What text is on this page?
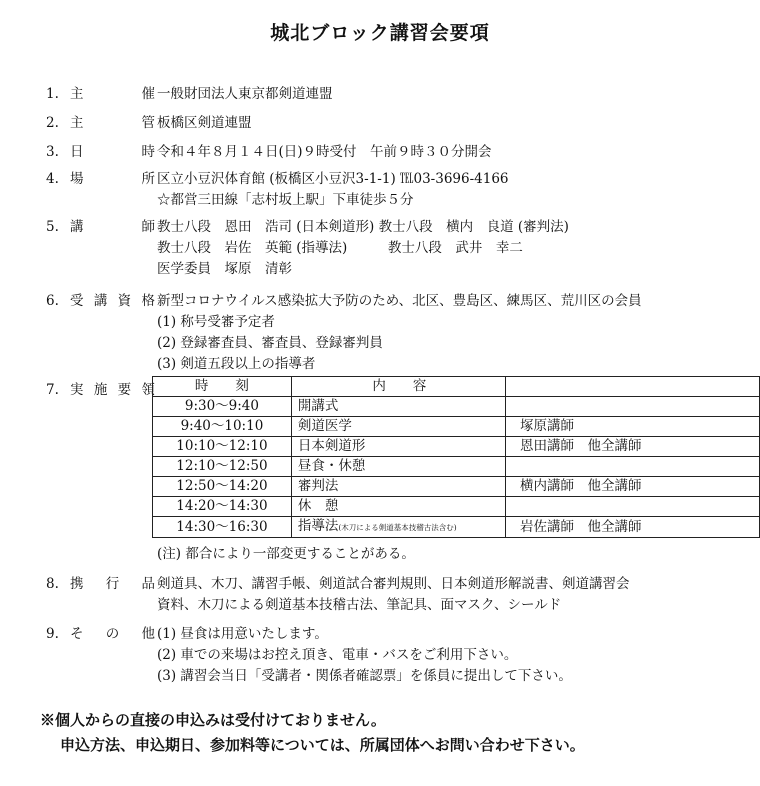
城北ブロック講習会要項
1. 主	催 一般財団法人東京都剣道連盟
2. 主	管 板橋区剣道連盟
3. 日	時 令和４年８月１４日(日)９時受付　午前９時３０分開会
4. 場	所 区立小豆沢体育館 (板橋区小豆沢3-1-1) ℡03-3696-4166
☆都営三田線「志村坂上駅」下車徒歩５分
5. 講	師 教士八段　恩田　浩司 (日本剣道形) 教士八段　横内　良道 (審判法)
教士八段　岩佐　英範 (指導法)　　　教士八段　武井　幸二
医学委員　塚原　清彰
6. 受 講 資 格 新型コロナウイルス感染拡大予防のため、北区、豊島区、練馬区、荒川区の会員
(1) 称号受審予定者
(2) 登録審査員、審査員、登録審判員
(3) 剣道五段以上の指導者
7. 実 施 要 領
8. 携 行 品 剣道具、木刀、講習手帳、剣道試合審判規則、日本剣道形解説書、剣道講習会
資料、木刀による剣道基本技稽古法、筆記具、面マスク、シールド
9. そ の 他 (1) 昼食は用意いたします。
(2) 車での来場はお控え頂き、電車・バスをご利用下さい。
(3) 講習会当日「受講者・関係者確認票」を係員に提出して下さい。
時　　刻	内　　容	
9:30～9:40	開講式	
9:40～10:10	剣道医学	塚原講師
10:10～12:10	日本剣道形	恩田講師　他全講師
12:10～12:50	昼食・休憩	
12:50～14:20	審判法	横内講師　他全講師
14:20～14:30	休　憩	
14:30～16:30	指導法(木刀による剣道基本技稽古法含む)	岩佐講師　他全講師
(注) 都合により一部変更することがある。
※個人からの直接の申込みは受付けておりません。
申込方法、申込期日、参加料等については、所属団体へお問い合わせ下さい。
